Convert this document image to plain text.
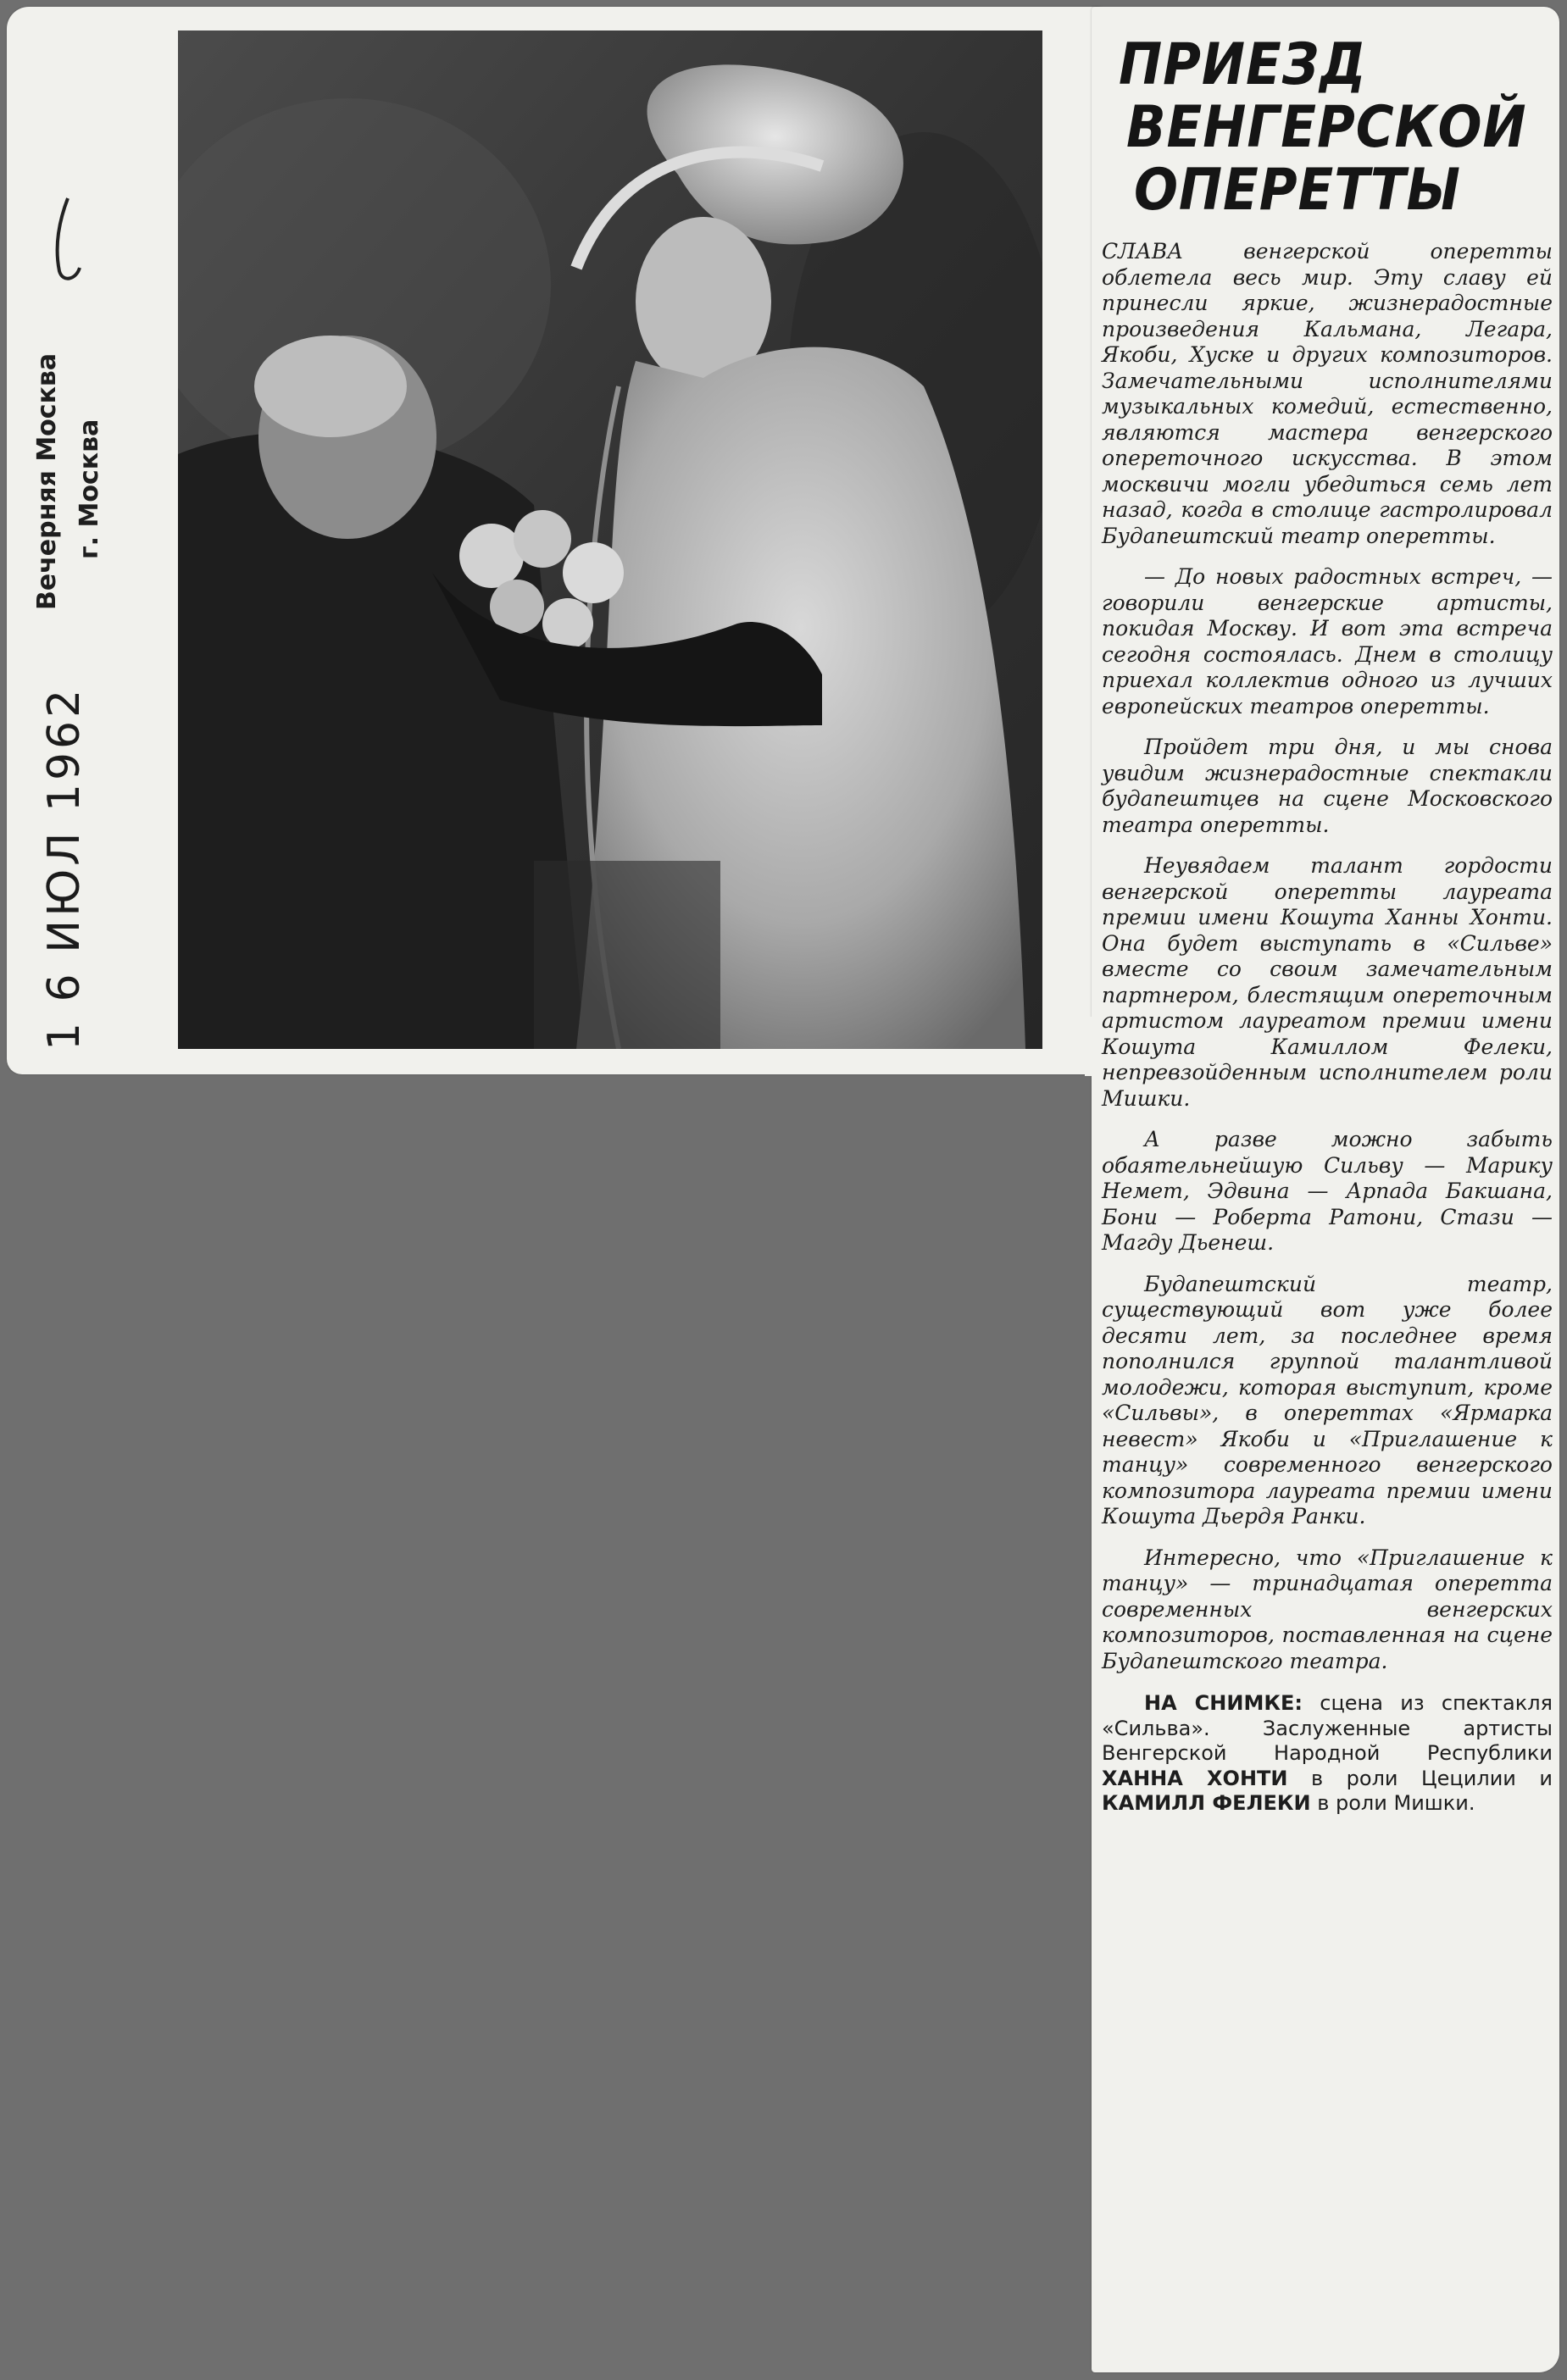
Вечерняя Москва г. Москва
1 6 ИЮЛ 1962
ПРИЕЗД
ВЕНГЕРСКОЙ
ОПЕРЕТТЫ

СЛАВА венгерской оперетты облетела весь мир. Эту славу ей принесли яркие, жизнерадостные произведения Кальмана, Легара, Якоби, Хуске и других композиторов. Замечательными исполнителями музыкальных комедий, естественно, являются мастера венгерского опереточного искусства. В этом москвичи могли убедиться семь лет назад, когда в столице гастролировал Будапештский театр оперетты.

— До новых радостных встреч, — говорили венгерские артисты, покидая Москву. И вот эта встреча сегодня состоялась. Днем в столицу приехал коллектив одного из лучших европейских театров оперетты.

Пройдет три дня, и мы снова увидим жизнерадостные спектакли будапештцев на сцене Московского театра оперетты.

Неувядаем талант гордости венгерской оперетты лауреата премии имени Кошута Ханны Хонти. Она будет выступать в «Сильве» вместе со своим замечательным партнером, блестящим опереточным артистом лауреатом премии имени Кошута Камиллом Фелеки, непревзойденным исполнителем роли Мишки.

А разве можно забыть обаятельнейшую Сильву — Марику Немет, Эдвина — Арпада Бакшана, Бони — Роберта Ратони, Стази — Магду Дьенеш.

Будапештский театр, существующий вот уже более десяти лет, за последнее время пополнился группой талантливой молодежи, которая выступит, кроме «Сильвы», в опереттах «Ярмарка невест» Якоби и «Приглашение к танцу» современного венгерского композитора лауреата премии имени Кошута Дьердя Ранки.

Интересно, что «Приглашение к танцу» — тринадцатая оперетта современных венгерских композиторов, поставленная на сцене Будапештского театра.

НА СНИМКЕ: сцена из спектакля «Сильва». Заслуженные артисты Венгерской Народной Республики ХАННА ХОНТИ в роли Цецилии и КАМИЛЛ ФЕЛЕКИ в роли Мишки.
